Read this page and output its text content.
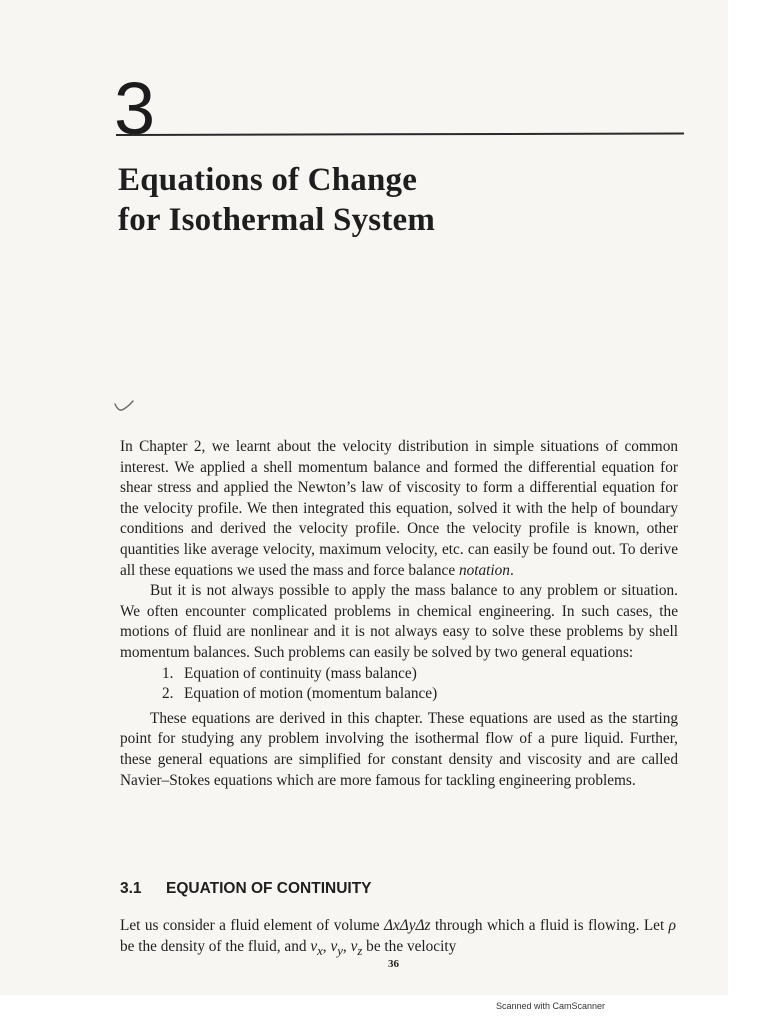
3
Equations of Change
for Isothermal System

In Chapter 2, we learnt about the velocity distribution in simple situations of common interest. We applied a shell momentum balance and formed the differential equation for shear stress and applied the Newton’s law of viscosity to form a differential equation for the velocity profile. We then integrated this equation, solved it with the help of boundary conditions and derived the velocity profile. Once the velocity profile is known, other quantities like average velocity, maximum velocity, etc. can easily be found out. To derive all these equations we used the mass and force balance notation.

But it is not always possible to apply the mass balance to any problem or situation. We often encounter complicated problems in chemical engineering. In such cases, the motions of fluid are nonlinear and it is not always easy to solve these problems by shell momentum balances. Such problems can easily be solved by two general equations:

1. Equation of continuity (mass balance)
2. Equation of motion (momentum balance)

These equations are derived in this chapter. These equations are used as the starting point for studying any problem involving the isothermal flow of a pure liquid. Further, these general equations are simplified for constant density and viscosity and are called Navier–Stokes equations which are more famous for tackling engineering problems.

3.1 EQUATION OF CONTINUITY

Let us consider a fluid element of volume ΔxΔyΔz through which a fluid is flowing. Let ρ be the density of the fluid, and $v_x$, $v_y$, $v_z$ be the velocity

36
Scanned with CamScanner
